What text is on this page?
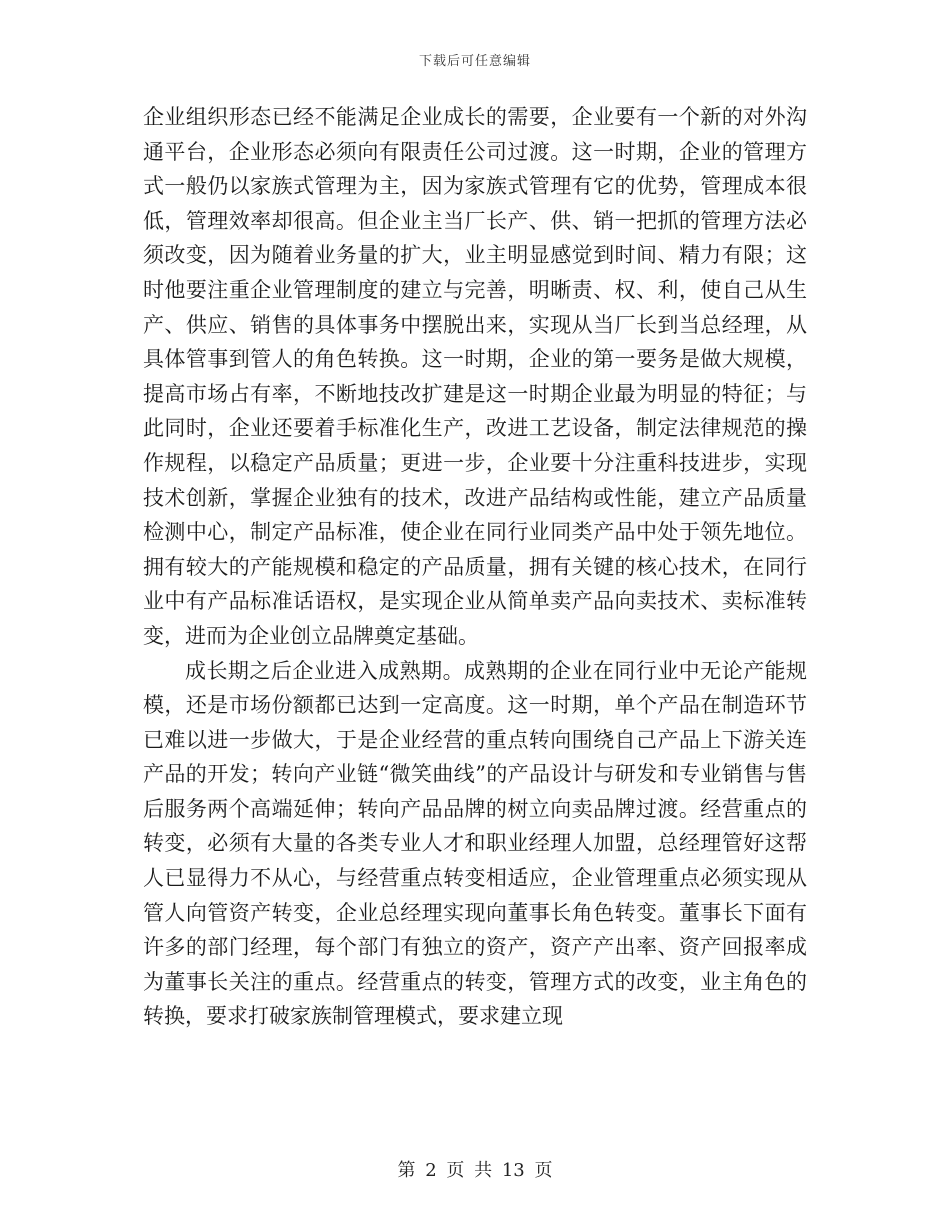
下载后可任意编辑

企业组织形态已经不能满足企业成长的需要，企业要有一个新的对外沟通平台，企业形态必须向有限责任公司过渡。这一时期，企业的管理方式一般仍以家族式管理为主，因为家族式管理有它的优势，管理成本很低，管理效率却很高。但企业主当厂长产、供、销一把抓的管理方法必须改变，因为随着业务量的扩大，业主明显感觉到时间、精力有限；这时他要注重企业管理制度的建立与完善，明晰责、权、利，使自己从生产、供应、销售的具体事务中摆脱出来，实现从当厂长到当总经理，从具体管事到管人的角色转换。这一时期，企业的第一要务是做大规模，提高市场占有率，不断地技改扩建是这一时期企业最为明显的特征；与此同时，企业还要着手标准化生产，改进工艺设备，制定法律规范的操作规程，以稳定产品质量；更进一步，企业要十分注重科技进步，实现技术创新，掌握企业独有的技术，改进产品结构或性能，建立产品质量检测中心，制定产品标准，使企业在同行业同类产品中处于领先地位。拥有较大的产能规模和稳定的产品质量，拥有关键的核心技术，在同行业中有产品标准话语权，是实现企业从简单卖产品向卖技术、卖标准转变，进而为企业创立品牌奠定基础。

成长期之后企业进入成熟期。成熟期的企业在同行业中无论产能规模，还是市场份额都已达到一定高度。这一时期，单个产品在制造环节已难以进一步做大，于是企业经营的重点转向围绕自己产品上下游关连产品的开发；转向产业链“微笑曲线”的产品设计与研发和专业销售与售后服务两个高端延伸；转向产品品牌的树立向卖品牌过渡。经营重点的转变，必须有大量的各类专业人才和职业经理人加盟，总经理管好这帮人已显得力不从心，与经营重点转变相适应，企业管理重点必须实现从管人向管资产转变，企业总经理实现向董事长角色转变。董事长下面有许多的部门经理，每个部门有独立的资产，资产产出率、资产回报率成为董事长关注的重点。经营重点的转变，管理方式的改变，业主角色的转换，要求打破家族制管理模式，要求建立现

第 2 页 共 13 页
